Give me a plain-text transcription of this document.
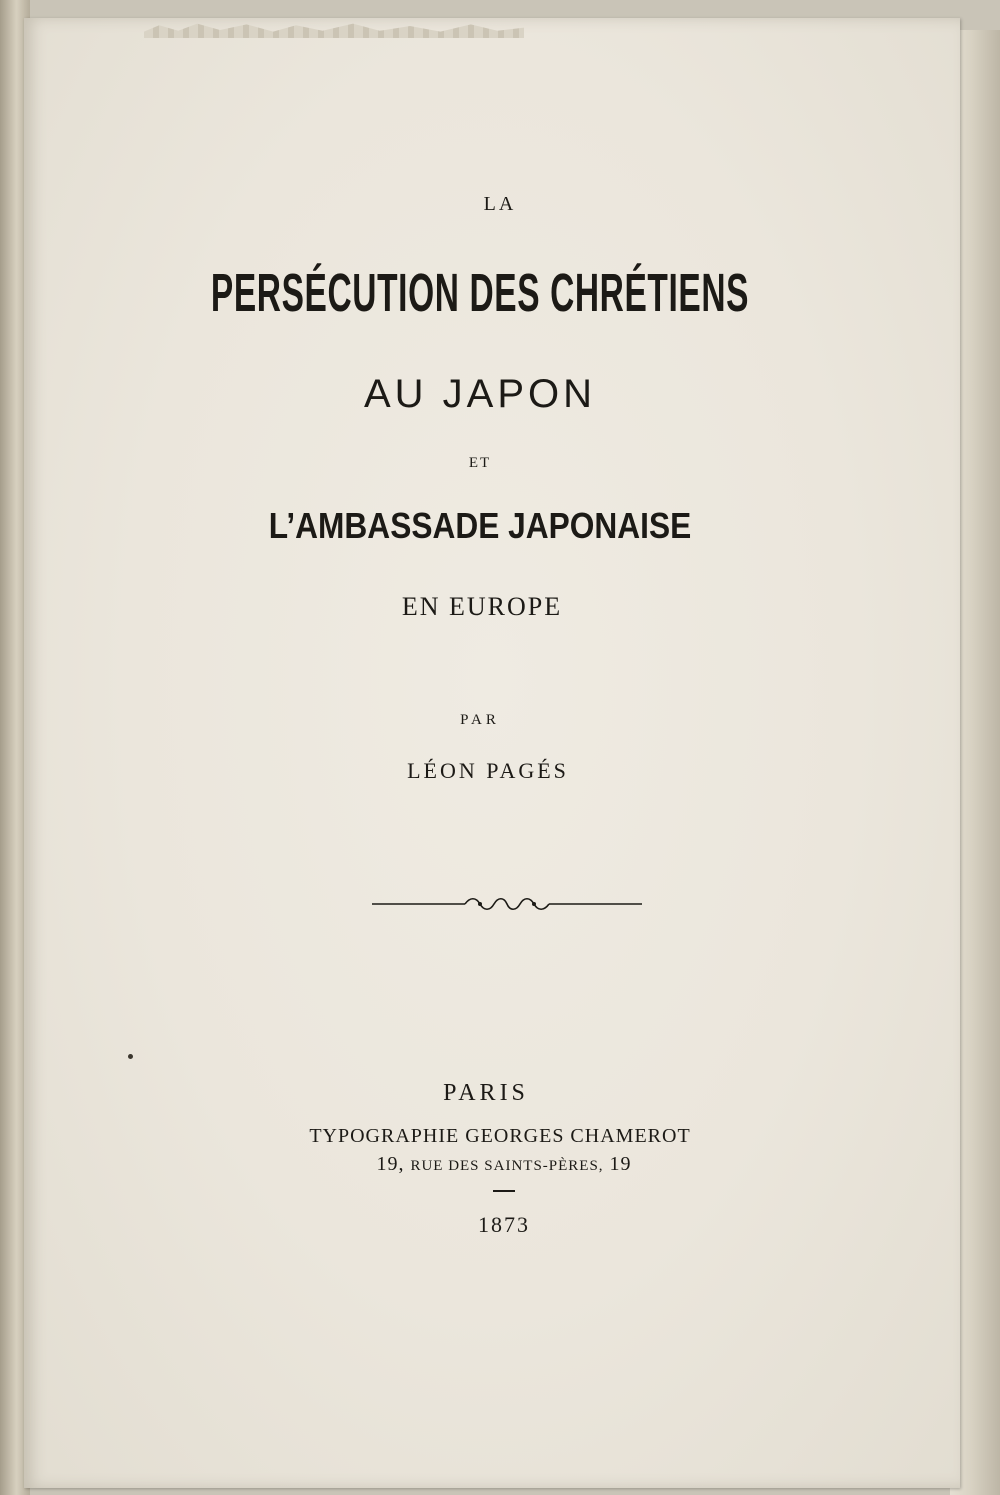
LA

PERSÉCUTION DES CHRÉTIENS

AU JAPON

ET

L’AMBASSADE JAPONAISE

EN EUROPE

PAR

LÉON PAGÉS

PARIS

TYPOGRAPHIE GEORGES CHAMEROT

19, RUE DES SAINTS-PÈRES, 19

1873
